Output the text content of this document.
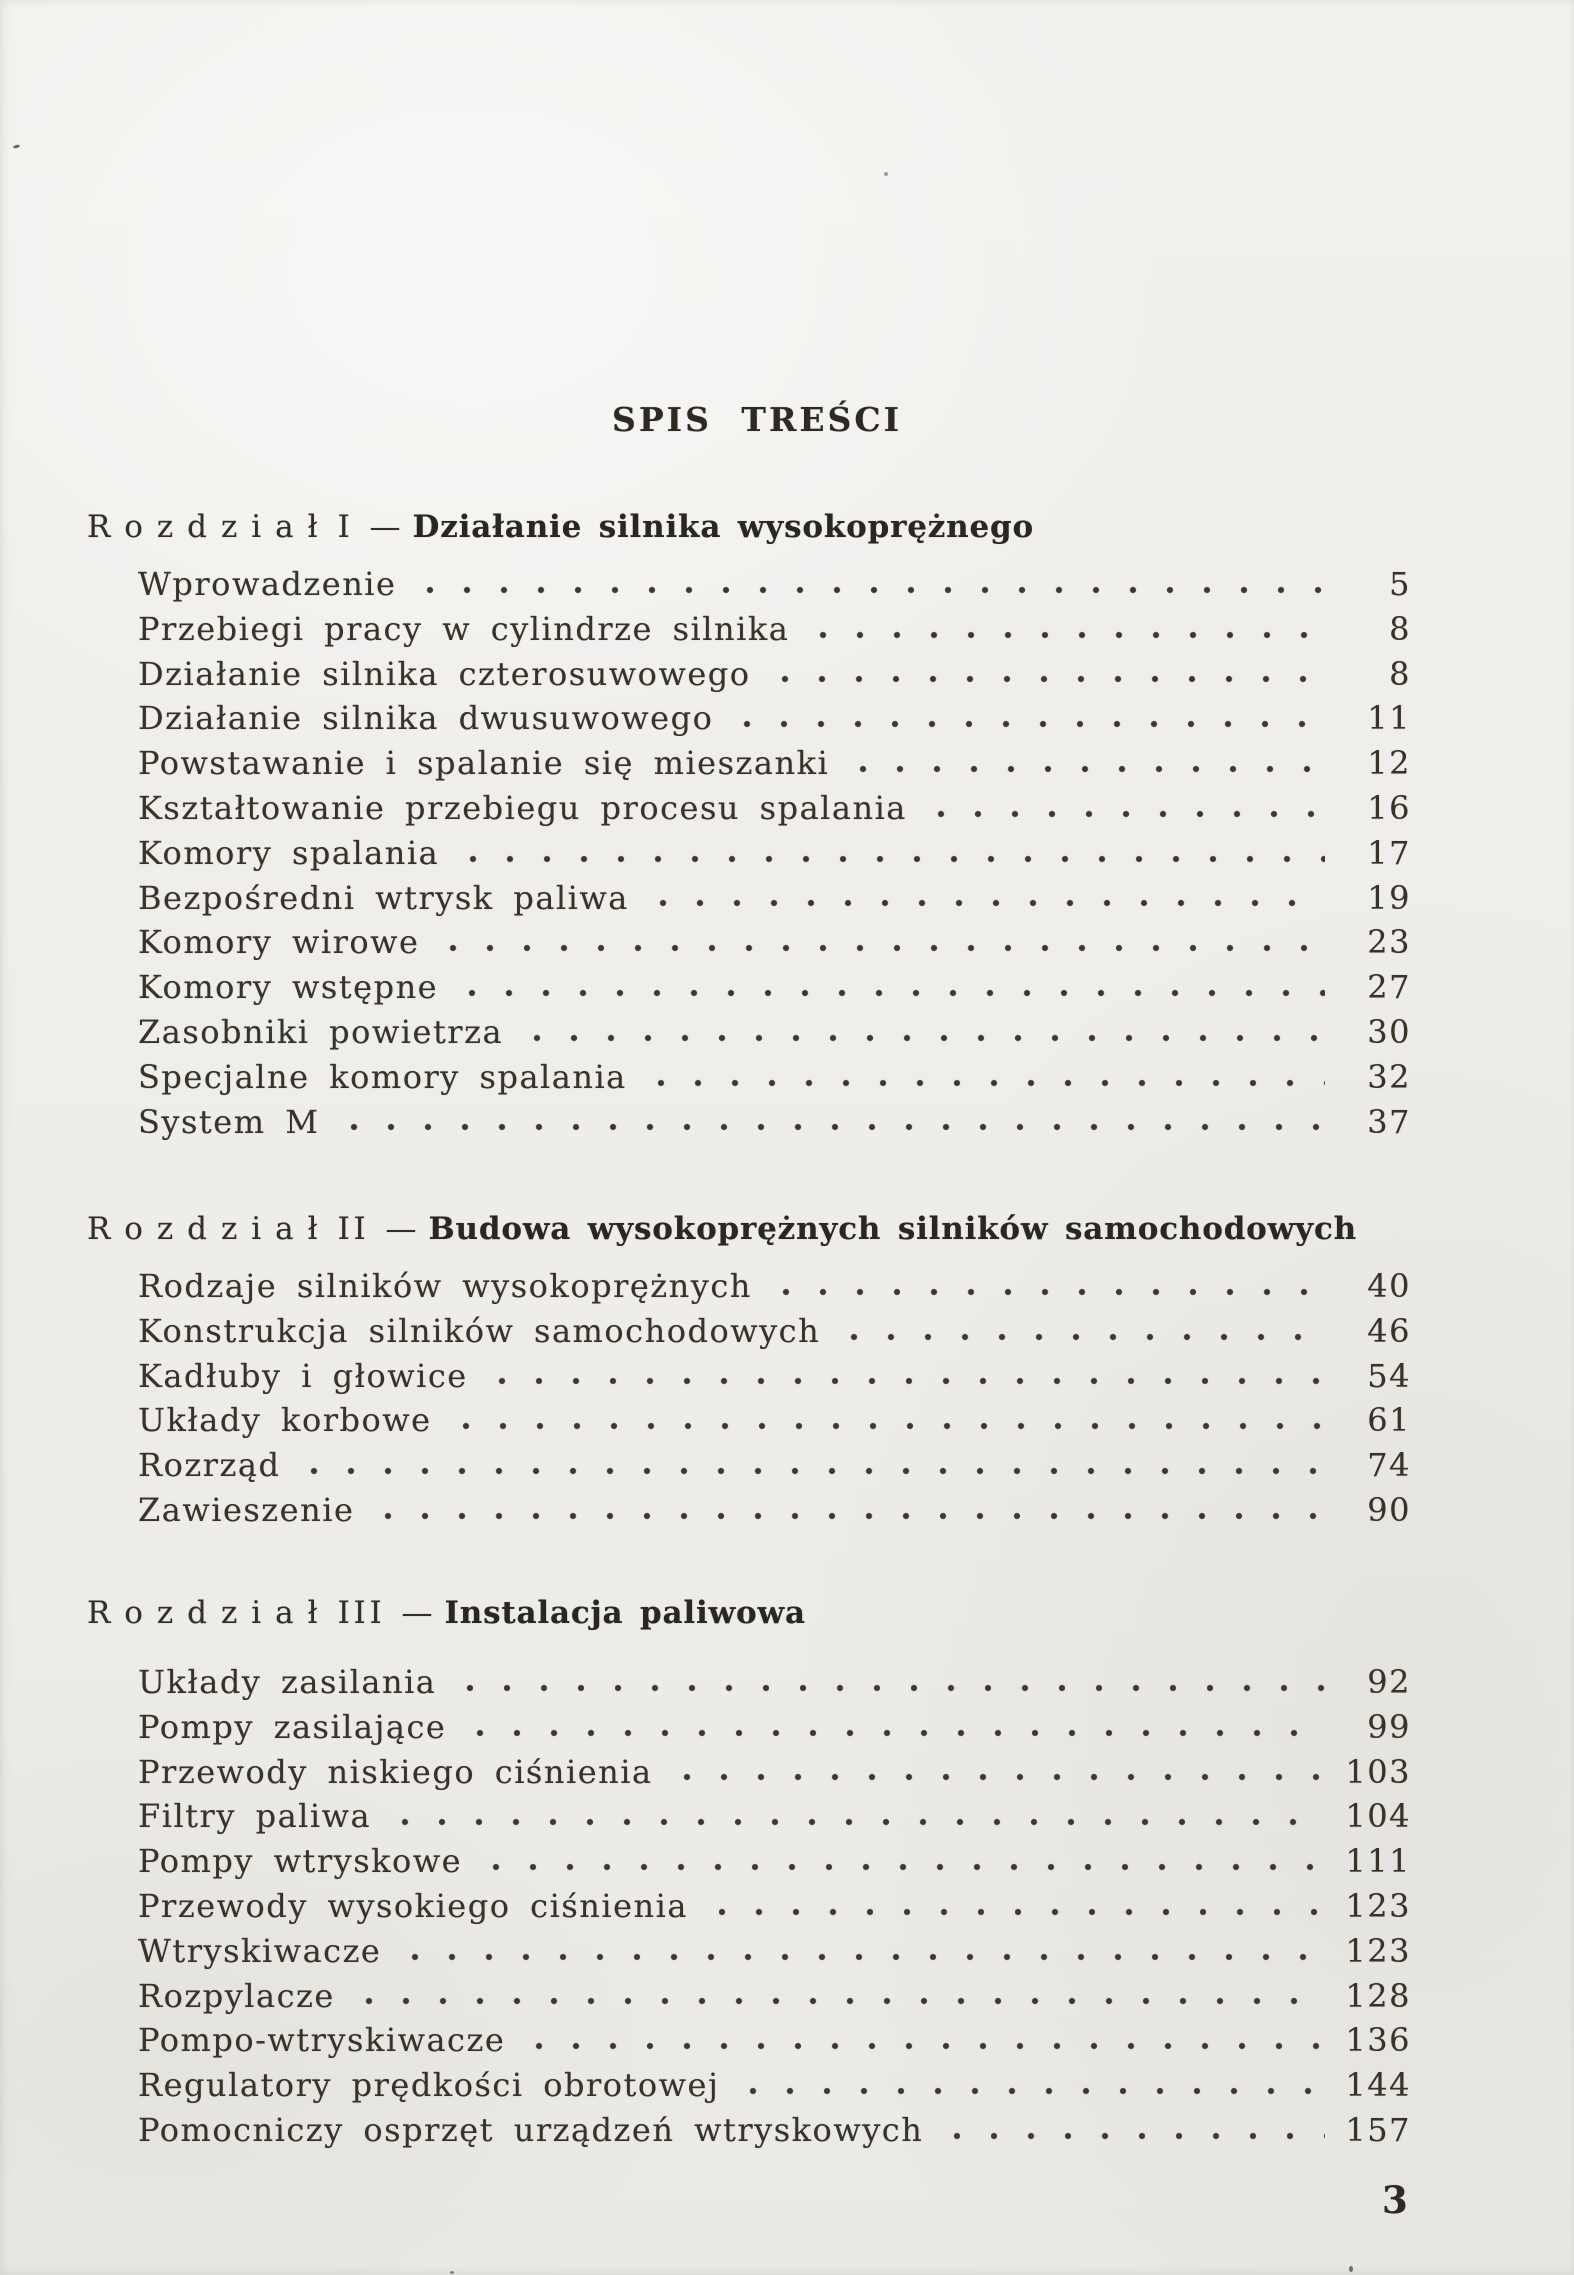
SPIS TREŚCI
Rozdział I — Działanie silnika wysokoprężnego
Wprowadzenie	5
Przebiegi pracy w cylindrze silnika	8
Działanie silnika czterosuwowego	8
Działanie silnika dwusuwowego	11
Powstawanie i spalanie się mieszanki	12
Kształtowanie przebiegu procesu spalania	16
Komory spalania	17
Bezpośredni wtrysk paliwa	19
Komory wirowe	23
Komory wstępne	27
Zasobniki powietrza	30
Specjalne komory spalania	32
System M	37
Rozdział II — Budowa wysokoprężnych silników samochodowych
Rodzaje silników wysokoprężnych	40
Konstrukcja silników samochodowych	46
Kadłuby i głowice	54
Układy korbowe	61
Rozrząd	74
Zawieszenie	90
Rozdział III — Instalacja paliwowa
Układy zasilania	92
Pompy zasilające	99
Przewody niskiego ciśnienia	103
Filtry paliwa	104
Pompy wtryskowe	111
Przewody wysokiego ciśnienia	123
Wtryskiwacze	123
Rozpylacze	128
Pompo-wtryskiwacze	136
Regulatory prędkości obrotowej	144
Pomocniczy osprzęt urządzeń wtryskowych	157
3
